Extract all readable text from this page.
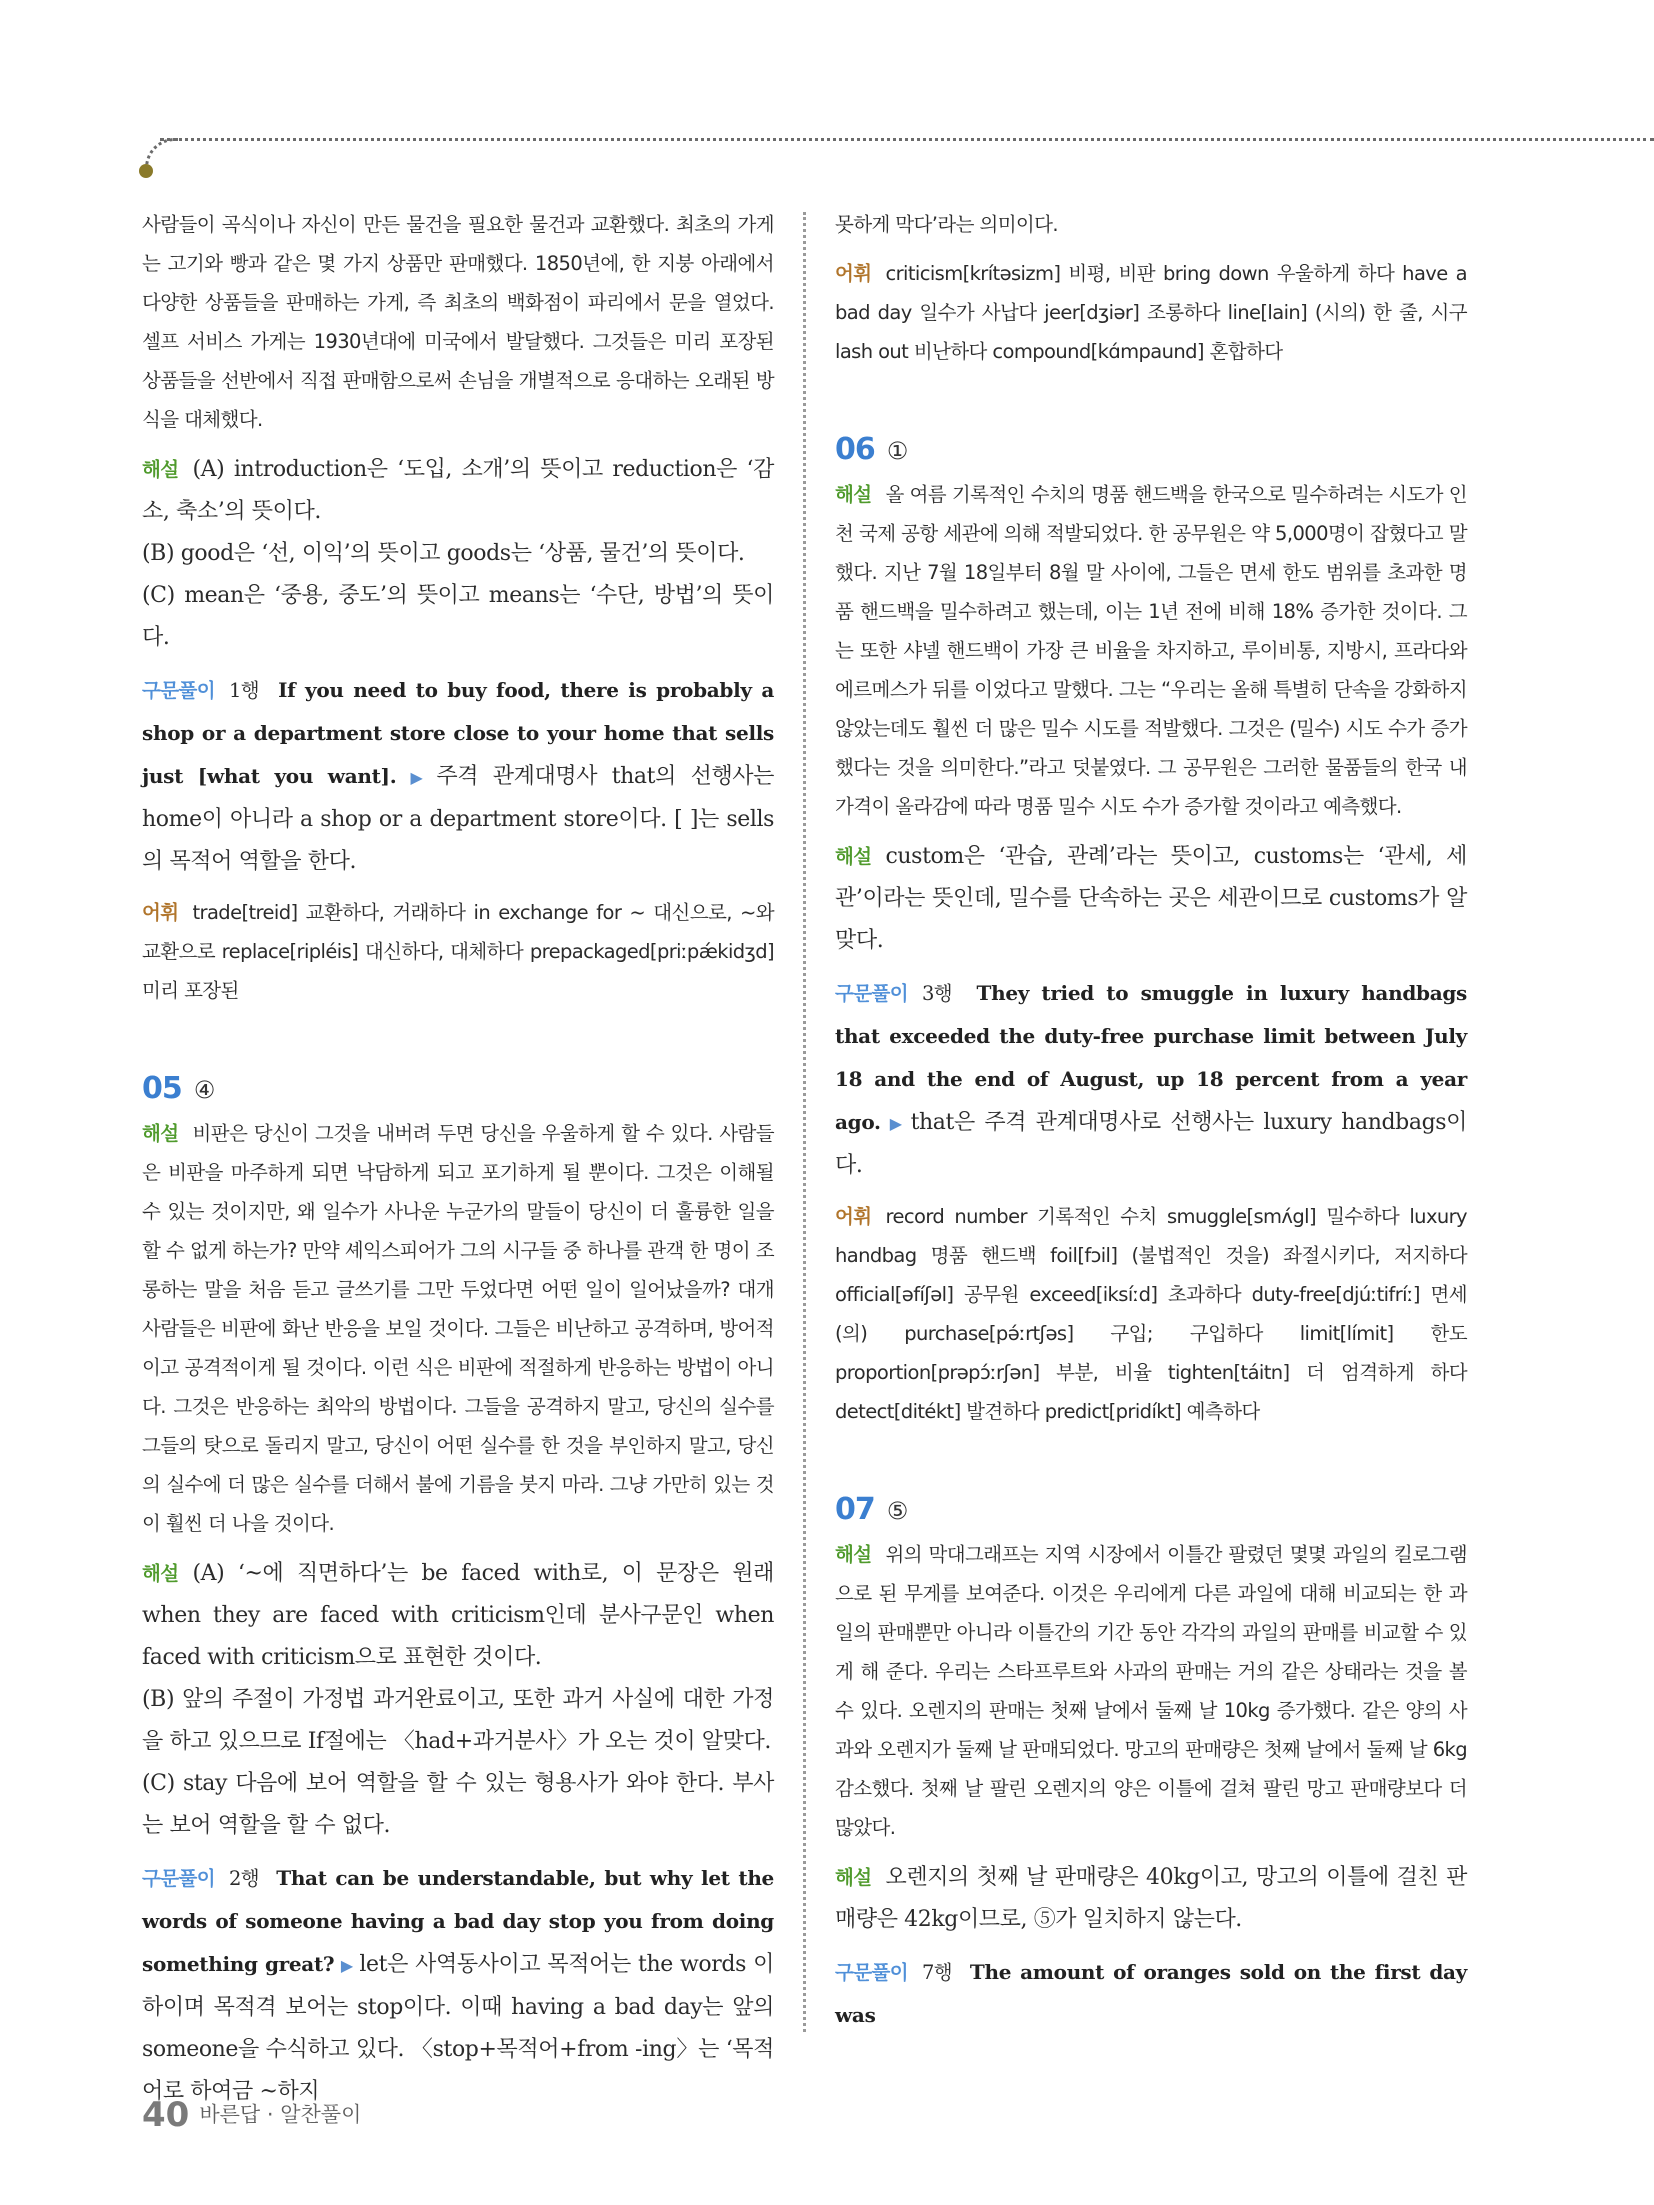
사람들이 곡식이나 자신이 만든 물건을 필요한 물건과 교환했다. 최초의 가게는 고기와 빵과 같은 몇 가지 상품만 판매했다. 1850년에, 한 지붕 아래에서 다양한 상품들을 판매하는 가게, 즉 최초의 백화점이 파리에서 문을 열었다. 셀프 서비스 가게는 1930년대에 미국에서 발달했다. 그것들은 미리 포장된 상품들을 선반에서 직접 판매함으로써 손님을 개별적으로 응대하는 오래된 방식을 대체했다.

해설 (A) introduction은 ‘도입, 소개’의 뜻이고 reduction은 ‘감소, 축소’의 뜻이다.

(B) good은 ‘선, 이익’의 뜻이고 goods는 ‘상품, 물건’의 뜻이다.

(C) mean은 ‘중용, 중도’의 뜻이고 means는 ‘수단, 방법’의 뜻이다.

구문풀이 1행 If you need to buy food, there is probably a shop or a department store close to your home that sells just [what you want]. ▶ 주격 관계대명사 that의 선행사는 home이 아니라 a shop or a department store이다. [ ]는 sells의 목적어 역할을 한다.

어휘 trade[treid] 교환하다, 거래하다 in exchange for ~ 대신으로, ~와 교환으로 replace[ripléis] 대신하다, 대체하다 prepackaged[priːpǽkidʒd] 미리 포장된

05 ④

해설 비판은 당신이 그것을 내버려 두면 당신을 우울하게 할 수 있다. 사람들은 비판을 마주하게 되면 낙담하게 되고 포기하게 될 뿐이다. 그것은 이해될 수 있는 것이지만, 왜 일수가 사나운 누군가의 말들이 당신이 더 훌륭한 일을 할 수 없게 하는가? 만약 셰익스피어가 그의 시구들 중 하나를 관객 한 명이 조롱하는 말을 처음 듣고 글쓰기를 그만 두었다면 어떤 일이 일어났을까? 대개 사람들은 비판에 화난 반응을 보일 것이다. 그들은 비난하고 공격하며, 방어적이고 공격적이게 될 것이다. 이런 식은 비판에 적절하게 반응하는 방법이 아니다. 그것은 반응하는 최악의 방법이다. 그들을 공격하지 말고, 당신의 실수를 그들의 탓으로 돌리지 말고, 당신이 어떤 실수를 한 것을 부인하지 말고, 당신의 실수에 더 많은 실수를 더해서 불에 기름을 붓지 마라. 그냥 가만히 있는 것이 훨씬 더 나을 것이다.

해설 (A) ‘~에 직면하다’는 be faced with로, 이 문장은 원래 when they are faced with criticism인데 분사구문인 when faced with criticism으로 표현한 것이다.

(B) 앞의 주절이 가정법 과거완료이고, 또한 과거 사실에 대한 가정을 하고 있으므로 If절에는 〈had+과거분사〉가 오는 것이 알맞다.

(C) stay 다음에 보어 역할을 할 수 있는 형용사가 와야 한다. 부사는 보어 역할을 할 수 없다.

구문풀이 2행 That can be understandable, but why let the words of someone having a bad day stop you from doing something great? ▶ let은 사역동사이고 목적어는 the words 이하이며 목적격 보어는 stop이다. 이때 having a bad day는 앞의 someone을 수식하고 있다. 〈stop+목적어+from -ing〉는 ‘목적어로 하여금 ~하지

못하게 막다’라는 의미이다.

어휘 criticism[krítəsizm] 비평, 비판 bring down 우울하게 하다 have a bad day 일수가 사납다 jeer[dʒiər] 조롱하다 line[lain] (시의) 한 줄, 시구 lash out 비난하다 compound[kɑ́mpaund] 혼합하다

06 ①

해설 올 여름 기록적인 수치의 명품 핸드백을 한국으로 밀수하려는 시도가 인천 국제 공항 세관에 의해 적발되었다. 한 공무원은 약 5,000명이 잡혔다고 말했다. 지난 7월 18일부터 8월 말 사이에, 그들은 면세 한도 범위를 초과한 명품 핸드백을 밀수하려고 했는데, 이는 1년 전에 비해 18% 증가한 것이다. 그는 또한 샤넬 핸드백이 가장 큰 비율을 차지하고, 루이비통, 지방시, 프라다와 에르메스가 뒤를 이었다고 말했다. 그는 “우리는 올해 특별히 단속을 강화하지 않았는데도 훨씬 더 많은 밀수 시도를 적발했다. 그것은 (밀수) 시도 수가 증가했다는 것을 의미한다.”라고 덧붙였다. 그 공무원은 그러한 물품들의 한국 내 가격이 올라감에 따라 명품 밀수 시도 수가 증가할 것이라고 예측했다.

해설 custom은 ‘관습, 관례’라는 뜻이고, customs는 ‘관세, 세관’이라는 뜻인데, 밀수를 단속하는 곳은 세관이므로 customs가 알맞다.

구문풀이 3행 They tried to smuggle in luxury handbags that exceeded the duty-free purchase limit between July 18 and the end of August, up 18 percent from a year ago. ▶ that은 주격 관계대명사로 선행사는 luxury handbags이다.

어휘 record number 기록적인 수치 smuggle[smʌ́gl] 밀수하다 luxury handbag 명품 핸드백 foil[fɔil] (불법적인 것을) 좌절시키다, 저지하다 official[əfíʃəl] 공무원 exceed[iksíːd] 초과하다 duty-free[djúːtifríː] 면세(의) purchase[pə́ːrtʃəs] 구입; 구입하다 limit[límit] 한도 proportion[prəpɔ́ːrʃən] 부분, 비율 tighten[táitn] 더 엄격하게 하다 detect[ditékt] 발견하다 predict[pridíkt] 예측하다

07 ⑤

해설 위의 막대그래프는 지역 시장에서 이틀간 팔렸던 몇몇 과일의 킬로그램으로 된 무게를 보여준다. 이것은 우리에게 다른 과일에 대해 비교되는 한 과일의 판매뿐만 아니라 이틀간의 기간 동안 각각의 과일의 판매를 비교할 수 있게 해 준다. 우리는 스타프루트와 사과의 판매는 거의 같은 상태라는 것을 볼 수 있다. 오렌지의 판매는 첫째 날에서 둘째 날 10kg 증가했다. 같은 양의 사과와 오렌지가 둘째 날 판매되었다. 망고의 판매량은 첫째 날에서 둘째 날 6kg 감소했다. 첫째 날 팔린 오렌지의 양은 이틀에 걸쳐 팔린 망고 판매량보다 더 많았다.

해설 오렌지의 첫째 날 판매량은 40kg이고, 망고의 이틀에 걸친 판매량은 42kg이므로, ⑤가 일치하지 않는다.

구문풀이 7행 The amount of oranges sold on the first day was

40 바른답 · 알찬풀이
